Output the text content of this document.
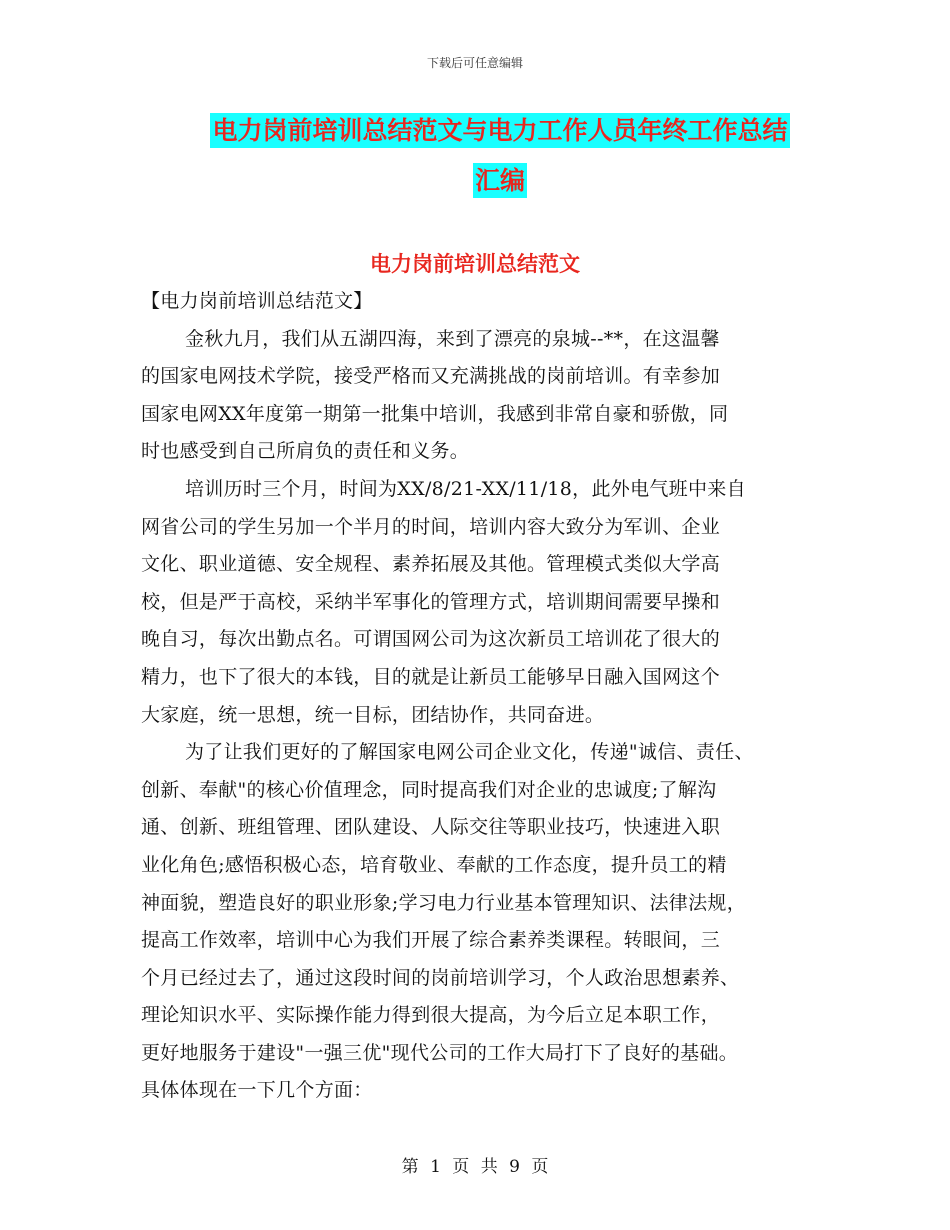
下载后可任意编辑
电力岗前培训总结范文与电力工作人员年终工作总结
汇编
电力岗前培训总结范文
【电力岗前培训总结范文】
金秋九月，我们从五湖四海，来到了漂亮的泉城--**，在这温馨
的国家电网技术学院，接受严格而又充满挑战的岗前培训。有幸参加
国家电网XX年度第一期第一批集中培训，我感到非常自豪和骄傲，同
时也感受到自己所肩负的责任和义务。
培训历时三个月，时间为XX/8/21-XX/11/18，此外电气班中来自
网省公司的学生另加一个半月的时间，培训内容大致分为军训、企业
文化、职业道德、安全规程、素养拓展及其他。管理模式类似大学高
校，但是严于高校，采纳半军事化的管理方式，培训期间需要早操和
晚自习，每次出勤点名。可谓国网公司为这次新员工培训花了很大的
精力，也下了很大的本钱，目的就是让新员工能够早日融入国网这个
大家庭，统一思想，统一目标，团结协作，共同奋进。
为了让我们更好的了解国家电网公司企业文化，传递"诚信、责任、
创新、奉献"的核心价值理念，同时提高我们对企业的忠诚度;了解沟
通、创新、班组管理、团队建设、人际交往等职业技巧，快速进入职
业化角色;感悟积极心态，培育敬业、奉献的工作态度，提升员工的精
神面貌，塑造良好的职业形象;学习电力行业基本管理知识、法律法规，
提高工作效率，培训中心为我们开展了综合素养类课程。转眼间，三
个月已经过去了，通过这段时间的岗前培训学习，个人政治思想素养、
理论知识水平、实际操作能力得到很大提高，为今后立足本职工作，
更好地服务于建设"一强三优"现代公司的工作大局打下了良好的基础。
具体体现在一下几个方面：
第 1 页 共 9 页
